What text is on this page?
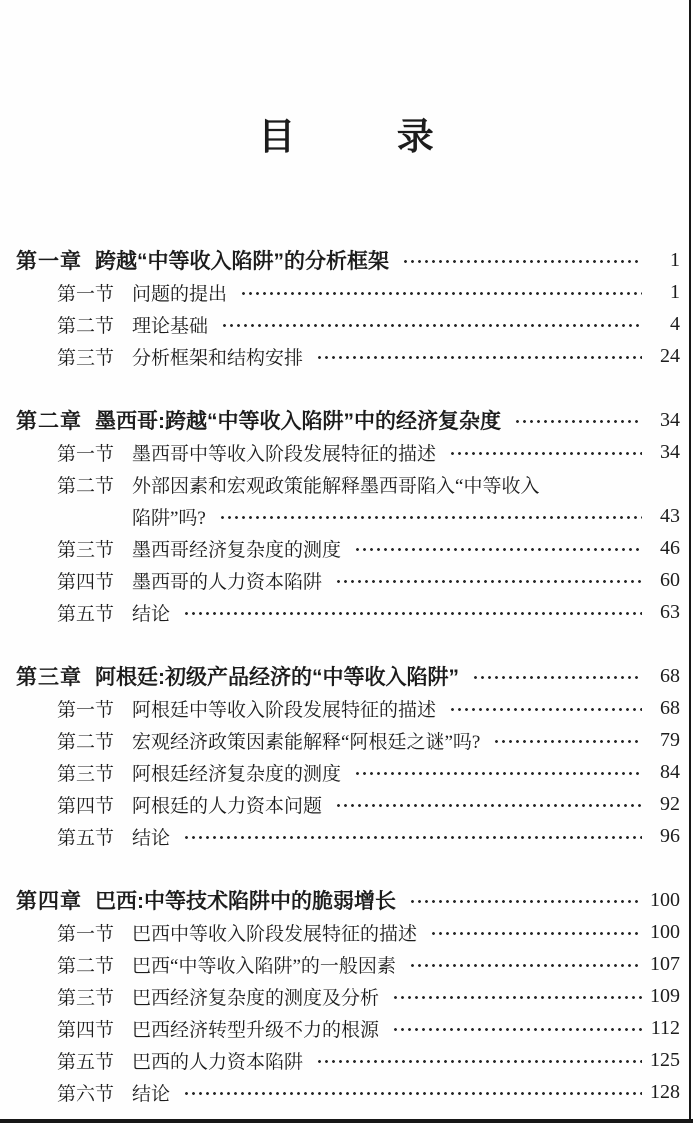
目	录
第一章 跨越“中等收入陷阱”的分析框架	1
第一节 问题的提出	1
第二节 理论基础	4
第三节 分析框架和结构安排	24
第二章 墨西哥:跨越“中等收入陷阱”中的经济复杂度	34
第一节 墨西哥中等收入阶段发展特征的描述	34
第二节 外部因素和宏观政策能解释墨西哥陷入“中等收入
陷阱”吗?	43
第三节 墨西哥经济复杂度的测度	46
第四节 墨西哥的人力资本陷阱	60
第五节 结论	63
第三章 阿根廷:初级产品经济的“中等收入陷阱”	68
第一节 阿根廷中等收入阶段发展特征的描述	68
第二节 宏观经济政策因素能解释“阿根廷之谜”吗?	79
第三节 阿根廷经济复杂度的测度	84
第四节 阿根廷的人力资本问题	92
第五节 结论	96
第四章 巴西:中等技术陷阱中的脆弱增长	100
第一节 巴西中等收入阶段发展特征的描述	100
第二节 巴西“中等收入陷阱”的一般因素	107
第三节 巴西经济复杂度的测度及分析	109
第四节 巴西经济转型升级不力的根源	112
第五节 巴西的人力资本陷阱	125
第六节 结论	128
